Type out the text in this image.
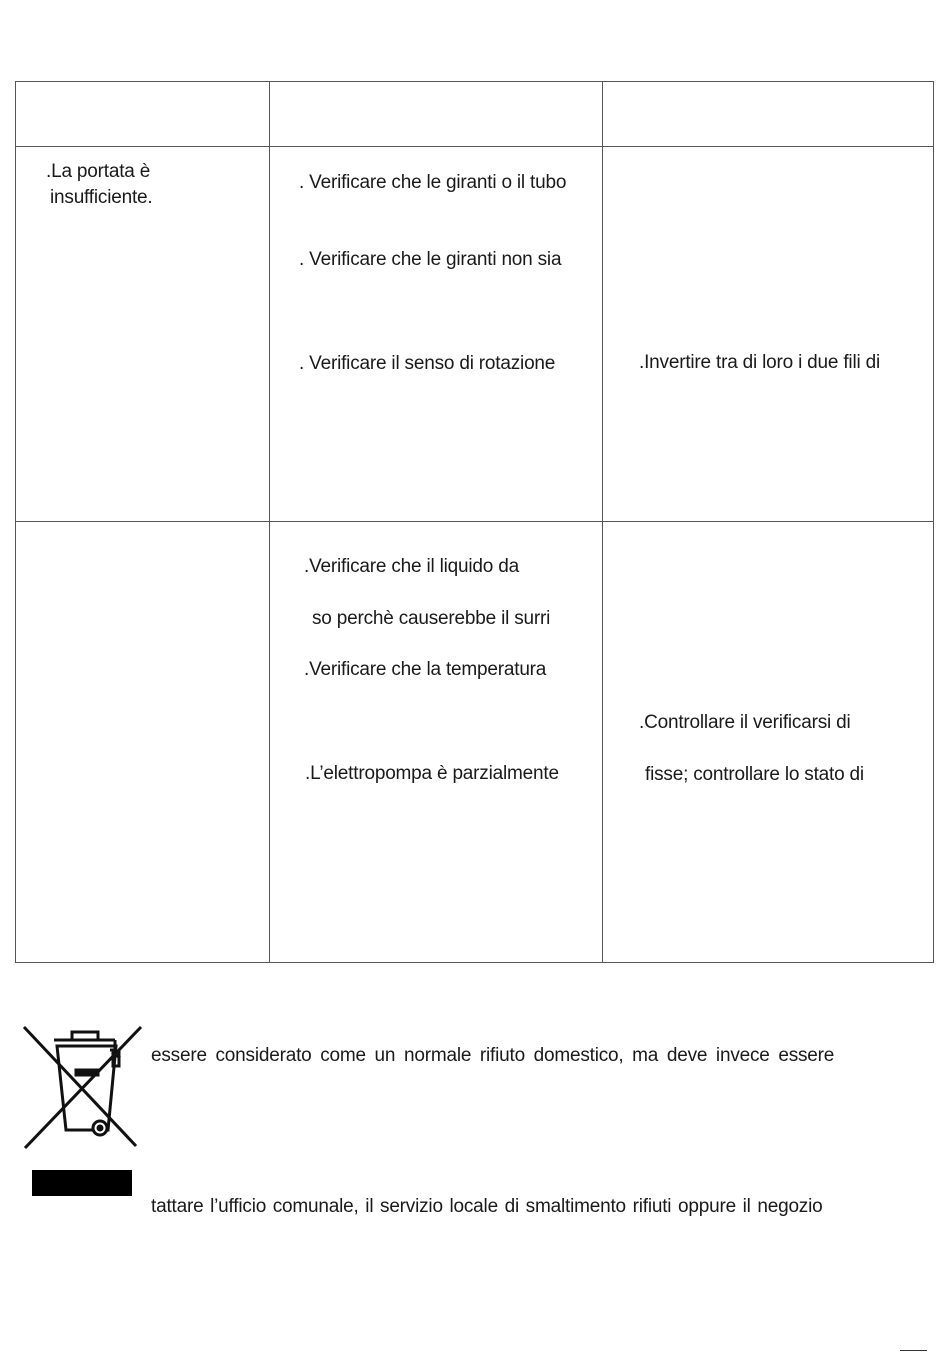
.La portata è
insufficiente.
. Verificare che le giranti o il tubo
. Verificare che le giranti non sia
. Verificare il senso di rotazione	.Invertire tra di loro i due fili di
.Verificare che il liquido da
so perchè causerebbe il surri
.Verificare che la temperatura
.L’elettropompa è parzialmente
.Controllare il verificarsi di
fisse; controllare lo stato di
essere considerato come un normale rifiuto domestico, ma deve invece essere
tattare l’ufficio comunale, il servizio locale di smaltimento rifiuti oppure il negozio
